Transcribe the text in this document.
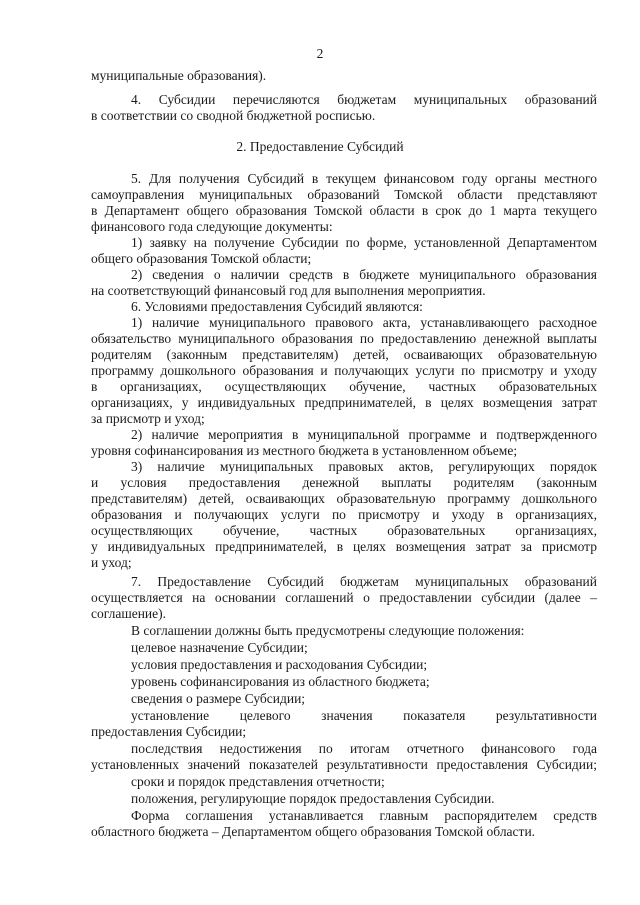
2
муниципальные образования).
4. Субсидии перечисляются бюджетам муниципальных образований
в соответствии со сводной бюджетной росписью.
2. Предоставление Субсидий
5. Для получения Субсидий в текущем финансовом году органы местного
самоуправления муниципальных образований Томской области представляют
в Департамент общего образования Томской области в срок до 1 марта текущего
финансового года следующие документы:
1) заявку на получение Субсидии по форме, установленной Департаментом
общего образования Томской области;
2) сведения о наличии средств в бюджете муниципального образования
на соответствующий финансовый год для выполнения мероприятия.
6. Условиями предоставления Субсидий являются:
1) наличие муниципального правового акта, устанавливающего расходное
обязательство муниципального образования по предоставлению денежной выплаты
родителям (законным представителям) детей, осваивающих образовательную
программу дошкольного образования и получающих услуги по присмотру и уходу
в организациях, осуществляющих обучение, частных образовательных
организациях, у индивидуальных предпринимателей, в целях возмещения затрат
за присмотр и уход;
2) наличие мероприятия в муниципальной программе и подтвержденного
уровня софинансирования из местного бюджета в установленном объеме;
3) наличие муниципальных правовых актов, регулирующих порядок
и условия предоставления денежной выплаты родителям (законным
представителям) детей, осваивающих образовательную программу дошкольного
образования и получающих услуги по присмотру и уходу в организациях,
осуществляющих обучение, частных образовательных организациях,
у индивидуальных предпринимателей, в целях возмещения затрат за присмотр
и уход;
7. Предоставление Субсидий бюджетам муниципальных образований
осуществляется на основании соглашений о предоставлении субсидии (далее –
соглашение).
В соглашении должны быть предусмотрены следующие положения:
целевое назначение Субсидии;
условия предоставления и расходования Субсидии;
уровень софинансирования из областного бюджета;
сведения о размере Субсидии;
установление целевого значения показателя результативности
предоставления Субсидии;
последствия недостижения по итогам отчетного финансового года
установленных значений показателей результативности предоставления Субсидии;
сроки и порядок представления отчетности;
положения, регулирующие порядок предоставления Субсидии.
Форма соглашения устанавливается главным распорядителем средств
областного бюджета – Департаментом общего образования Томской области.
